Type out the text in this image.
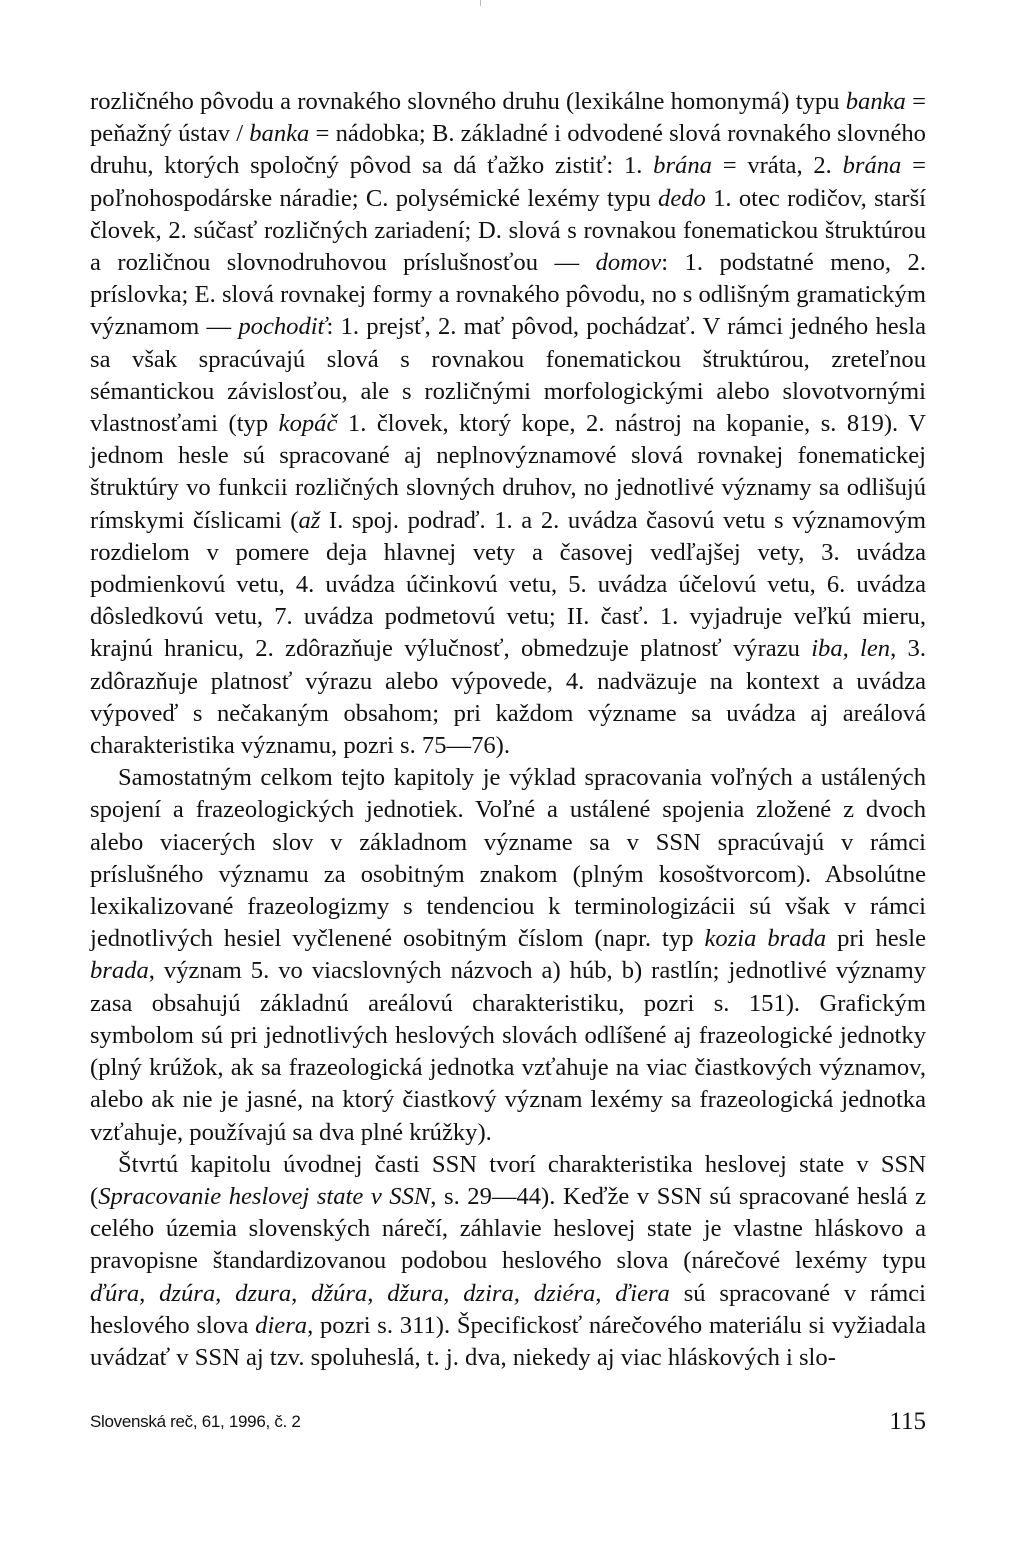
rozličného pôvodu a rovnakého slovného druhu (lexikálne homonymá) typu banka = peňažný ústav / banka = nádobka; B. základné i odvodené slová rovnakého slovného druhu, ktorých spoločný pôvod sa dá ťažko zistiť: 1. brána = vráta, 2. brána = poľnohospodárske náradie; C. polysémické lexémy typu dedo 1. otec rodičov, starší človek, 2. súčasť rozličných zariadení; D. slová s rovnakou fonematickou štruktúrou a rozličnou slovnodruhovou príslušnosťou — domov: 1. podstatné meno, 2. príslovka; E. slová rovnakej formy a rovnakého pôvodu, no s odlišným gramatickým významom — pochodiť: 1. prejsť, 2. mať pôvod, pochádzať. V rámci jedného hesla sa však spracúvajú slová s rovnakou fonematickou štruktúrou, zreteľnou sémantickou závislosťou, ale s rozličnými morfologickými alebo slovotvornými vlastnosťami (typ kopáč 1. človek, ktorý kope, 2. nástroj na kopanie, s. 819). V jednom hesle sú spracované aj neplnovýznamové slová rovnakej fonematickej štruktúry vo funkcii rozličných slovných druhov, no jednotlivé významy sa odlišujú rímskymi číslicami (až I. spoj. podraď. 1. a 2. uvádza časovú vetu s významovým rozdielom v pomere deja hlavnej vety a časovej vedľajšej vety, 3. uvádza podmienkovú vetu, 4. uvádza účinkovú vetu, 5. uvádza účelovú vetu, 6. uvádza dôsledkovú vetu, 7. uvádza podmetovú vetu; II. časť. 1. vyjadruje veľkú mieru, krajnú hranicu, 2. zdôrazňuje výlučnosť, obmedzuje platnosť výrazu iba, len, 3. zdôrazňuje platnosť výrazu alebo výpovede, 4. nadväzuje na kontext a uvádza výpoveď s nečakaným obsahom; pri každom význame sa uvádza aj areálová charakteristika významu, pozri s. 75—76).

Samostatným celkom tejto kapitoly je výklad spracovania voľných a ustálených spojení a frazeologických jednotiek. Voľné a ustálené spojenia zložené z dvoch alebo viacerých slov v základnom význame sa v SSN spracúvajú v rámci príslušného významu za osobitným znakom (plným kosoštvorcom). Absolútne lexikalizované frazeologizmy s tendenciou k terminologizácii sú však v rámci jednotlivých hesiel vyčlenené osobitným číslom (napr. typ kozia brada pri hesle brada, význam 5. vo viacslovných názvoch a) húb, b) rastlín; jednotlivé významy zasa obsahujú základnú areálovú charakteristiku, pozri s. 151). Grafickým symbolom sú pri jednotlivých heslových slovách odlíšené aj frazeologické jednotky (plný krúžok, ak sa frazeologická jednotka vzťahuje na viac čiastkových významov, alebo ak nie je jasné, na ktorý čiastkový význam lexémy sa frazeologická jednotka vzťahuje, používajú sa dva plné krúžky).

Štvrtú kapitolu úvodnej časti SSN tvorí charakteristika heslovej state v SSN (Spracovanie heslovej state v SSN, s. 29—44). Keďže v SSN sú spracované heslá z celého územia slovenských nárečí, záhlavie heslovej state je vlastne hláskovo a pravopisne štandardizovanou podobou heslového slova (nárečové lexémy typu ďúra, dzúra, dzura, džúra, džura, dzira, dziéra, ďiera sú spracované v rámci heslového slova diera, pozri s. 311). Špecifickosť nárečového materiálu si vyžiadala uvádzať v SSN aj tzv. spoluheslá, t. j. dva, niekedy aj viac hláskových i slo-

Slovenská reč, 61, 1996, č. 2	115
